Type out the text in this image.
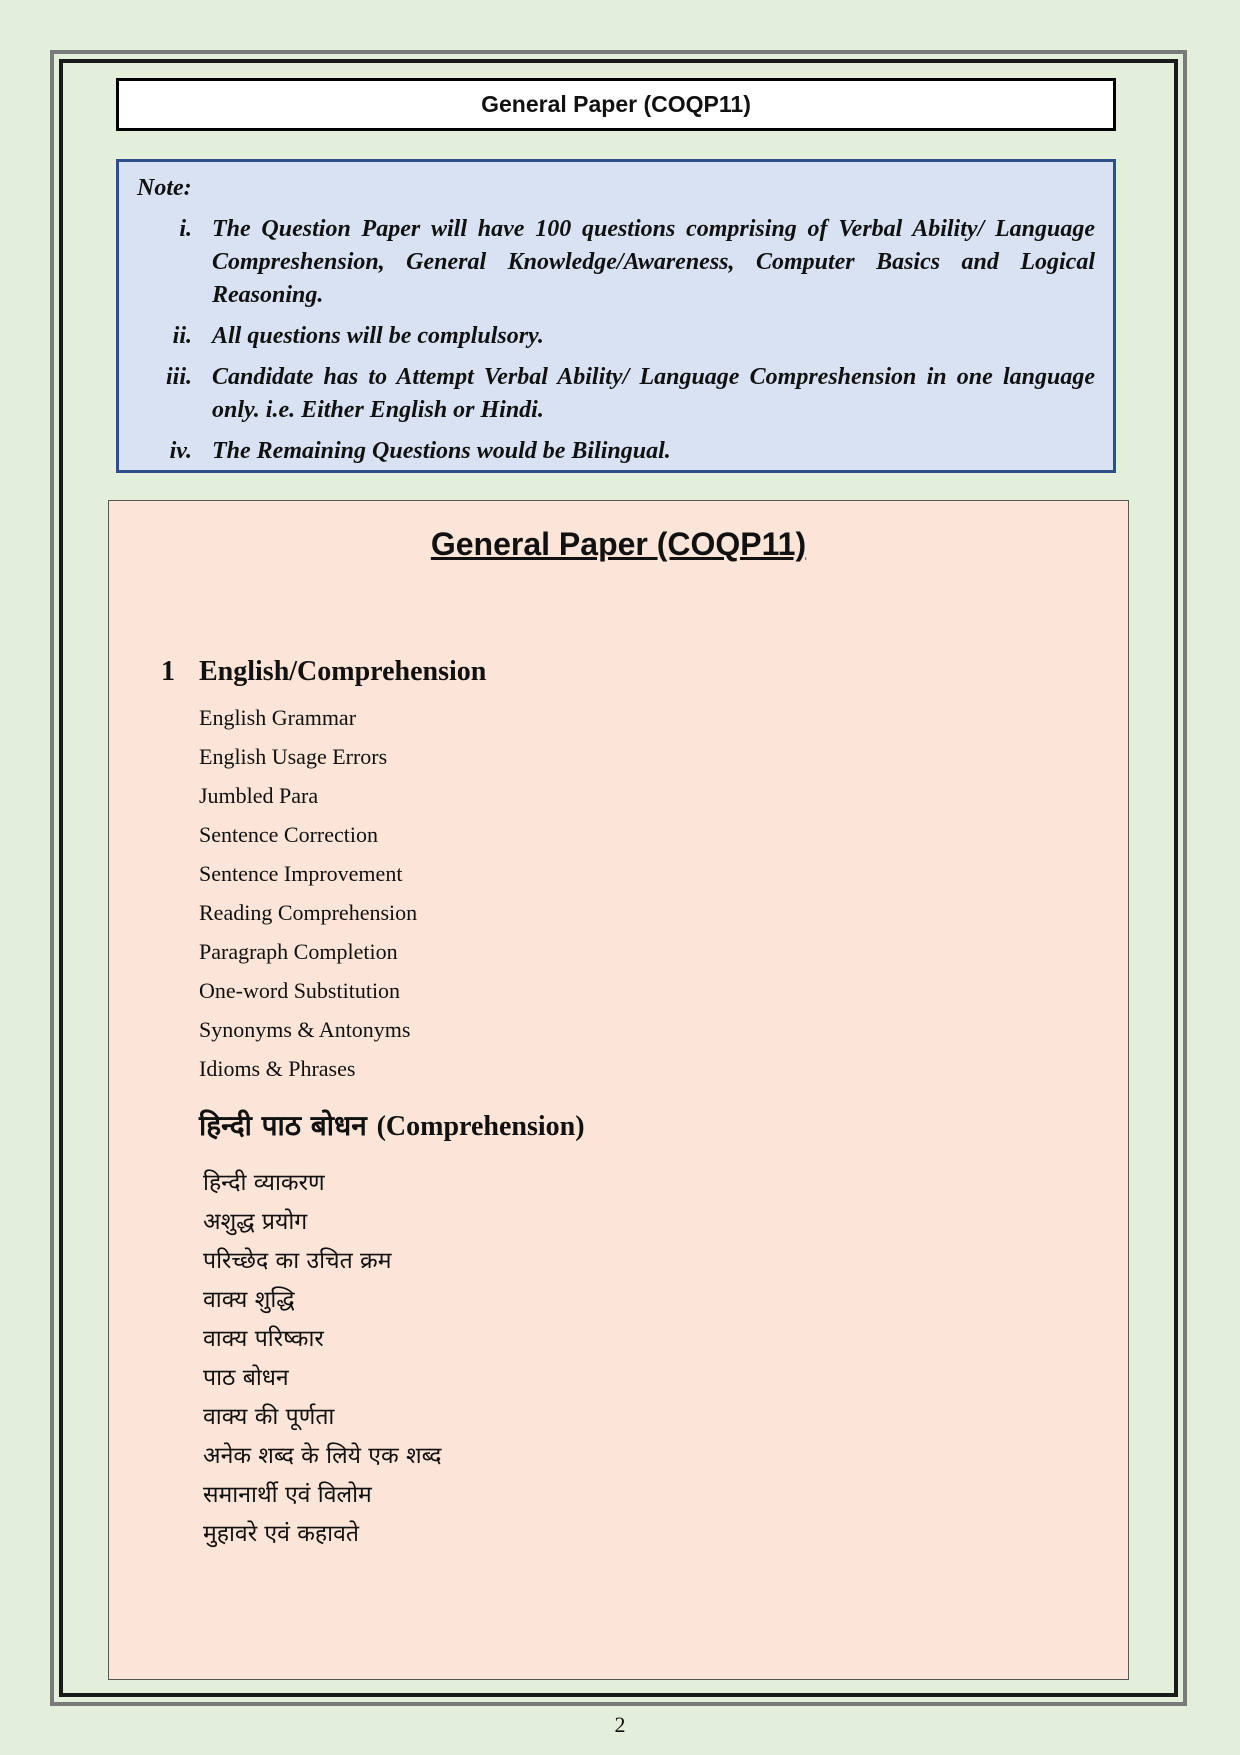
General Paper (COQP11)
Note:
i. The Question Paper will have 100 questions comprising of Verbal Ability/ Language Compreshension, General Knowledge/Awareness, Computer Basics and Logical Reasoning.
ii. All questions will be complulsory.
iii. Candidate has to Attempt Verbal Ability/ Language Compreshension in one language only. i.e. Either English or Hindi.
iv. The Remaining Questions would be Bilingual.
General Paper (COQP11)
1 English/Comprehension
English Grammar
English Usage Errors
Jumbled Para
Sentence Correction
Sentence Improvement
Reading Comprehension
Paragraph Completion
One-word Substitution
Synonyms & Antonyms
Idioms & Phrases
हिन्दी पाठ बोधन (Comprehension)
हिन्दी व्याकरण
अशुद्ध प्रयोग
परिच्छेद का उचित क्रम
वाक्य शुद्धि
वाक्य परिष्कार
पाठ बोधन
वाक्य की पूर्णता
अनेक शब्द के लिये एक शब्द
समानार्थी एवं विलोम
मुहावरे एवं कहावते
2
